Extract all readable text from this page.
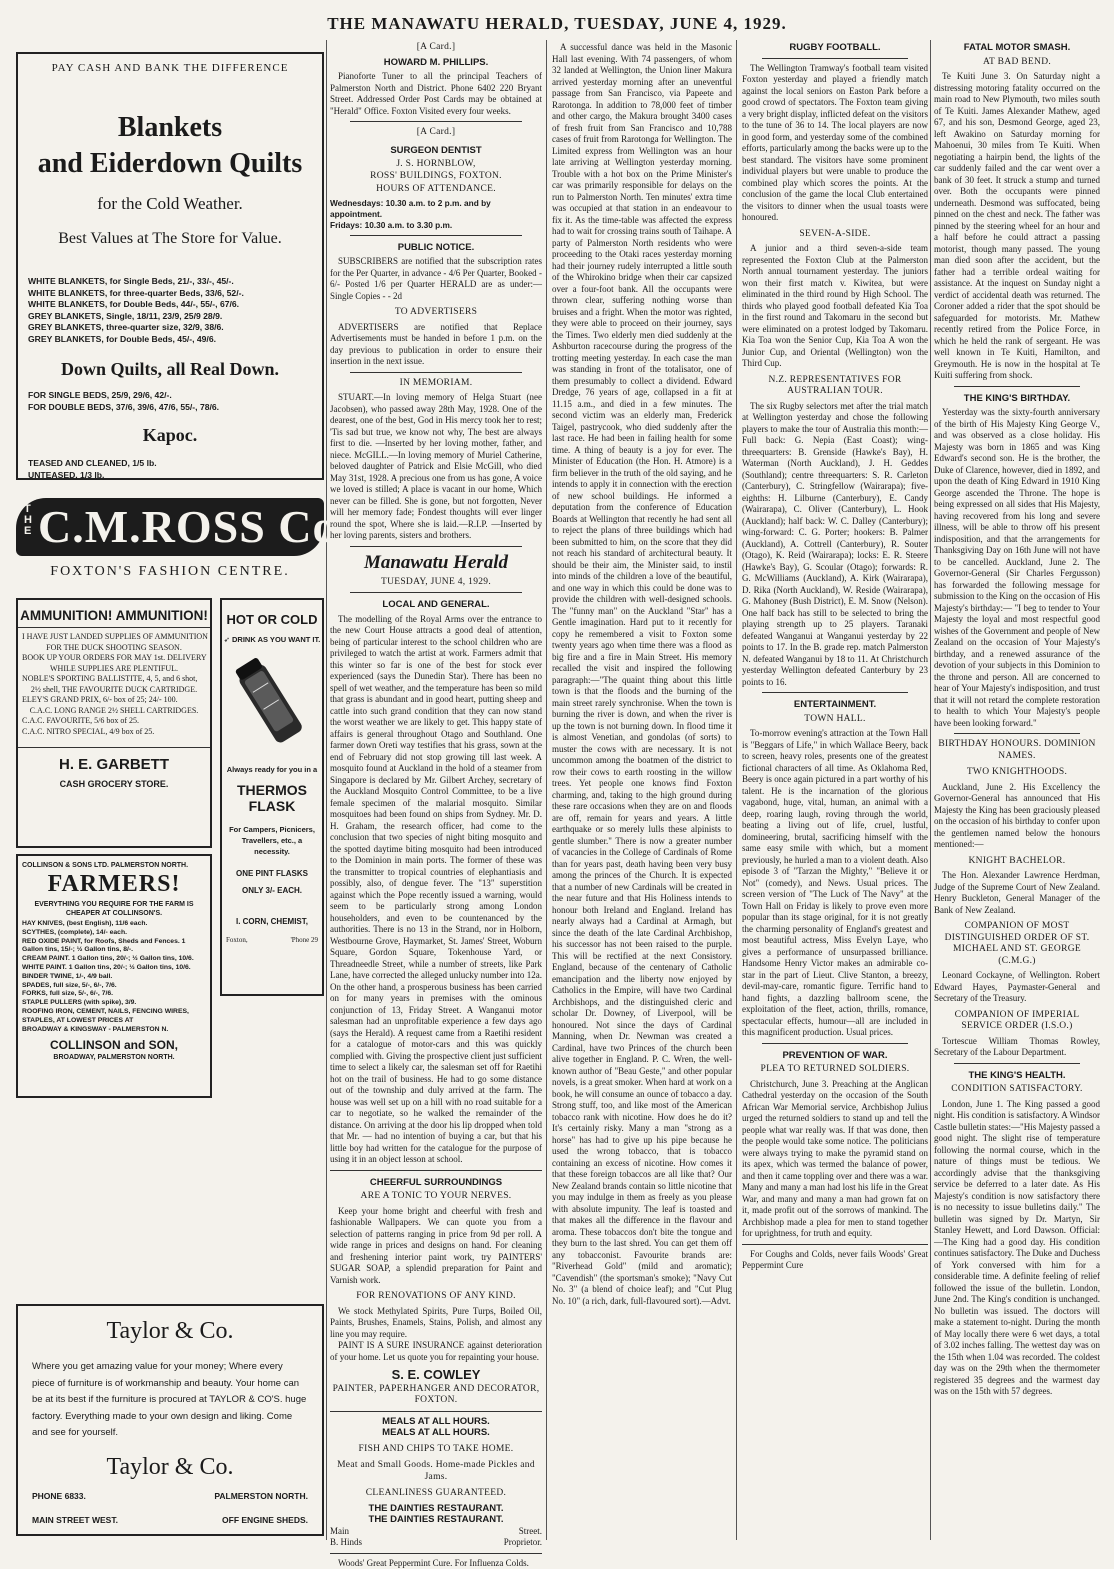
THE MANAWATU HERALD, TUESDAY, JUNE 4, 1929.
PAY CASH AND BANK THE DIFFERENCE
Blankets
and Eiderdown Quilts
for the Cold Weather.
Best Values at The Store for Value.
WHITE BLANKETS, for Single Beds, 21/-, 33/-, 45/-.
WHITE BLANKETS, for three-quarter Beds, 33/6, 52/-.
WHITE BLANKETS, for Double Beds, 44/-, 55/-, 67/6.
GREY BLANKETS, Single, 18/11, 23/9, 25/9 28/9.
GREY BLANKETS, three-quarter size, 32/9, 38/6.
GREY BLANKETS, for Double Beds, 45/-, 49/6.
Down Quilts, all Real Down.
FOR SINGLE BEDS, 25/9, 29/6, 42/-.
FOR DOUBLE BEDS, 37/6, 39/6, 47/6, 55/-, 78/6.
Kapoc.
TEASED AND CLEANED, 1/5 lb.
UNTEASED, 1/3 lb.
THE C.M.ROSS Co
FOXTON'S FASHION CENTRE.
AMMUNITION! AMMUNITION!
I HAVE JUST LANDED SUPPLIES OF AMMUNITION
FOR THE DUCK SHOOTING SEASON.
BOOK UP YOUR ORDERS FOR MAY 1st. DELIVERY
WHILE SUPPLIES ARE PLENTIFUL.
NOBLE'S SPORTING BALLISTITE, 4, 5, and 6 shot,
2½ shell, THE FAVOURITE DUCK CARTRIDGE.
ELEY'S GRAND PRIX, 6/- box of 25; 24/- 100.
C.A.C. LONG RANGE 2½ SHELL CARTRIDGES.
C.A.C. FAVOURITE, 5/6 box of 25.
C.A.C. NITRO SPECIAL, 4/9 box of 25.
H. E. GARBETT
CASH GROCERY STORE.
HOT OR COLD
➶ DRINK AS YOU WANT IT.
Always ready for you in a
THERMOS FLASK
For Campers, Picnicers, Travellers, etc., a necessity.
ONE PINT FLASKS
ONLY 3/- EACH.
I. CORN, CHEMIST,
Foxton,	'Phone 29
COLLINSON & SONS LTD. PALMERSTON NORTH.
FARMERS!
EVERYTHING YOU REQUIRE FOR THE FARM IS CHEAPER AT COLLINSON'S.
HAY KNIVES, (best English), 11/6 each.
SCYTHES, (complete), 14/- each.
RED OXIDE PAINT, for Roofs, Sheds and Fences. 1 Gallon tins, 15/-; ½ Gallon tins, 8/-.
CREAM PAINT. 1 Gallon tins, 20/-; ½ Gallon tins, 10/6.
WHITE PAINT. 1 Gallon tins, 20/-; ½ Gallon tins, 10/6.
BINDER TWINE, 1/-, 4/9 ball.
SPADES, full size, 5/-, 6/-, 7/6.
FORKS, full size, 5/-, 6/-, 7/6.
STAPLE PULLERS (with spike), 3/9.
ROOFING IRON, CEMENT, NAILS, FENCING WIRES, STAPLES, AT LOWEST PRICES AT
BROADWAY & KINGSWAY - PALMERSTON N.
COLLINSON and SON,
BROADWAY, PALMERSTON NORTH.
Taylor & Co.
Where you get amazing value for your money; Where every piece of furniture is of workmanship and beauty. Your home can be at its best if the furniture is procured at TAYLOR & CO'S. huge factory. Everything made to your own design and liking. Come and see for yourself.
Taylor & Co.
PHONE 6833.	PALMERSTON NORTH.
MAIN STREET WEST.	OFF ENGINE SHEDS.
[A Card.]
HOWARD M. PHILLIPS.

Pianoforte Tuner to all the principal Teachers of Palmerston North and District. Phone 6402 220 Bryant Street. Addressed Order Post Cards may be obtained at "Herald" Office. Foxton Visited every four weeks.

[A Card.]
SURGEON DENTIST
J. S. HORNBLOW,
ROSS' BUILDINGS, FOXTON.
HOURS OF ATTENDANCE.
Wednesdays: 10.30 a.m. to 2 p.m. and by appointment.
Fridays: 10.30 a.m. to 3.30 p.m.
PUBLIC NOTICE.

SUBSCRIBERS are notified that the subscription rates for the Per Quarter, in advance - 4/6 Per Quarter, Booked - 6/- Posted 1/6 per Quarter HERALD are as under:— Single Copies - - 2d

TO ADVERTISERS

ADVERTISERS are notified that Replace Advertisements must be handed in before 1 p.m. on the day previous to publication in order to ensure their insertion in the next issue.

IN MEMORIAM.

STUART.—In loving memory of Helga Stuart (nee Jacobsen), who passed away 28th May, 1928. One of the dearest, one of the best, God in His mercy took her to rest; 'Tis sad but true, we know not why, The best are always first to die. —Inserted by her loving mother, father, and niece. McGILL.—In loving memory of Muriel Catherine, beloved daughter of Patrick and Elsie McGill, who died May 31st, 1928. A precious one from us has gone, A voice we loved is stilled; A place is vacant in our home, Which never can be filled. She is gone, but not forgotten, Never will her memory fade; Fondest thoughts will ever linger round the spot, Where she is laid.—R.I.P. —Inserted by her loving parents, sisters and brothers.

Manawatu Herald
TUESDAY, JUNE 4, 1929.
LOCAL AND GENERAL.

The modelling of the Royal Arms over the entrance to the new Court House attracts a good deal of attention, being of particular interest to the school children who are privileged to watch the artist at work. Farmers admit that this winter so far is one of the best for stock ever experienced (says the Dunedin Star). There has been no spell of wet weather, and the temperature has been so mild that grass is abundant and in good heart, putting sheep and cattle into such grand condition that they can now stand the worst weather we are likely to get. This happy state of affairs is general throughout Otago and Southland. One farmer down Oreti way testifies that his grass, sown at the end of February did not stop growing till last week. A mosquito found at Auckland in the hold of a steamer from Singapore is declared by Mr. Gilbert Archey, secretary of the Auckland Mosquito Control Committee, to be a live female specimen of the malarial mosquito. Similar mosquitoes had been found on ships from Sydney. Mr. D. H. Graham, the research officer, had come to the conclusion that two species of night biting mosquito and the spotted daytime biting mosquito had been introduced to the Dominion in main ports. The former of these was the transmitter to tropical countries of elephantiasis and possibly, also, of dengue fever. The "13" superstition against which the Pope recently issued a warning, would seem to be particularly strong among London householders, and even to be countenanced by the authorities. There is no 13 in the Strand, nor in Holborn, Westbourne Grove, Haymarket, St. James' Street, Woburn Square, Gordon Square, Tokenhouse Yard, or Threadneedle Street, while a number of streets, like Park Lane, have corrected the alleged unlucky number into 12a. On the other hand, a prosperous business has been carried on for many years in premises with the ominous conjunction of 13, Friday Street. A Wanganui motor salesman had an unprofitable experience a few days ago (says the Herald). A request came from a Raetihi resident for a catalogue of motor-cars and this was quickly complied with. Giving the prospective client just sufficient time to select a likely car, the salesman set off for Raetihi hot on the trail of business. He had to go some distance out of the township and duly arrived at the farm. The house was well set up on a hill with no road suitable for a car to negotiate, so he walked the remainder of the distance. On arriving at the door his lip dropped when told that Mr. — had no intention of buying a car, but that his little boy had written for the catalogue for the purpose of using it in an object lesson at school.

CHEERFUL SURROUNDINGS
ARE A TONIC TO YOUR NERVES.

Keep your home bright and cheerful with fresh and fashionable Wallpapers. We can quote you from a selection of patterns ranging in price from 9d per roll. A wide range in prices and designs on hand. For cleaning and freshening interior paint work, try PAINTERS' SUGAR SOAP, a splendid preparation for Paint and Varnish work.

FOR RENOVATIONS OF ANY KIND.

We stock Methylated Spirits, Pure Turps, Boiled Oil, Paints, Brushes, Enamels, Stains, Polish, and almost any line you may require.

PAINT IS A SURE INSURANCE against deterioration of your home. Let us quote you for repainting your house.

S. E. COWLEY
PAINTER, PAPERHANGER AND DECORATOR, FOXTON.
MEALS AT ALL HOURS.
MEALS AT ALL HOURS.
FISH AND CHIPS TO TAKE HOME.
Meat and Small Goods. Home-made Pickles and Jams.
CLEANLINESS GUARANTEED.
THE DAINTIES RESTAURANT.
THE DAINTIES RESTAURANT.
Main	Street.
B. Hinds	Proprietor.

Woods' Great Peppermint Cure. For Influenza Colds.

A successful dance was held in the Masonic Hall last evening. With 74 passengers, of whom 32 landed at Wellington, the Union liner Makura arrived yesterday morning after an uneventful passage from San Francisco, via Papeete and Rarotonga. In addition to 78,000 feet of timber and other cargo, the Makura brought 3400 cases of fresh fruit from San Francisco and 10,788 cases of fruit from Rarotonga for Wellington. The Limited express from Wellington was an hour late arriving at Wellington yesterday morning. Trouble with a hot box on the Prime Minister's car was primarily responsible for delays on the run to Palmerston North. Ten minutes' extra time was occupied at that station in an endeavour to fix it. As the time-table was affected the express had to wait for crossing trains south of Taihape. A party of Palmerston North residents who were proceeding to the Otaki races yesterday morning had their journey rudely interrupted a little south of the Whirokino bridge when their car capsized over a four-foot bank. All the occupants were thrown clear, suffering nothing worse than bruises and a fright. When the motor was righted, they were able to proceed on their journey, says the Times. Two elderly men died suddenly at the Ashburton racecourse during the progress of the trotting meeting yesterday. In each case the man was standing in front of the totalisator, one of them presumably to collect a dividend. Edward Dredge, 76 years of age, collapsed in a fit at 11.15 a.m., and died in a few minutes. The second victim was an elderly man, Frederick Taigel, pastrycook, who died suddenly after the last race. He had been in failing health for some time. A thing of beauty is a joy for ever. The Minister of Education (the Hon. H. Atmore) is a firm believer in the truth of the old saying, and he intends to apply it in connection with the erection of new school buildings. He informed a deputation from the conference of Education Boards at Wellington that recently he had sent all to reject the plans of three buildings which had been submitted to him, on the score that they did not reach his standard of architectural beauty. It should be their aim, the Minister said, to instil into minds of the children a love of the beautiful, and one way in which this could be done was to provide the children with well-designed schools. The "funny man" on the Auckland "Star" has a Gentle imagination. Hard put to it recently for copy he remembered a visit to Foxton some twenty years ago when time there was a flood as big fire and a fire in Main Street. His memory recalled the visit and inspired the following paragraph:—"The quaint thing about this little town is that the floods and the burning of the main street rarely synchronise. When the town is burning the river is down, and when the river is up the town is not burning down. In flood time it is almost Venetian, and gondolas (of sorts) to muster the cows with are necessary. It is not uncommon among the boatmen of the district to row their cows to earth roosting in the willow trees. Yet people one knows find Foxton charming, and, taking to the high ground during these rare occasions when they are on and floods are off, remain for years and years. A little earthquake or so merely lulls these alpinists to gentle slumber." There is now a greater number of vacancies in the College of Cardinals of Rome than for years past, death having been very busy among the princes of the Church. It is expected that a number of new Cardinals will be created in the near future and that His Holiness intends to honour both Ireland and England. Ireland has nearly always had a Cardinal at Armagh, but since the death of the late Cardinal Archbishop, his successor has not been raised to the purple. This will be rectified at the next Consistory. England, because of the centenary of Catholic emancipation and the liberty now enjoyed by Catholics in the Empire, will have two Cardinal Archbishops, and the distinguished cleric and scholar Dr. Downey, of Liverpool, will be honoured. Not since the days of Cardinal Manning, when Dr. Newman was created a Cardinal, have two Princes of the church been alive together in England. P. C. Wren, the well-known author of "Beau Geste," and other popular novels, is a great smoker. When hard at work on a book, he will consume an ounce of tobacco a day. Strong stuff, too, and like most of the American tobacco rank with nicotine. How does he do it? It's certainly risky. Many a man "strong as a horse" has had to give up his pipe because he used the wrong tobacco, that is tobacco containing an excess of nicotine. How comes it that these foreign tobaccos are all like that? Our New Zealand brands contain so little nicotine that you may indulge in them as freely as you please with absolute impunity. The leaf is toasted and that makes all the difference in the flavour and aroma. These tobaccos don't bite the tongue and they burn to the last shred. You can get them off any tobacconist. Favourite brands are: "Riverhead Gold" (mild and aromatic); "Cavendish" (the sportsman's smoke); "Navy Cut No. 3" (a blend of choice leaf); and "Cut Plug No. 10" (a rich, dark, full-flavoured sort).—Advt.

FATAL MOTOR SMASH.
AT BAD BEND.

Te Kuiti June 3. On Saturday night a distressing motoring fatality occurred on the main road to New Plymouth, two miles south of Te Kuiti. James Alexander Mathew, aged 67, and his son, Desmond George, aged 23, left Awakino on Saturday morning for Mahoenui, 30 miles from Te Kuiti. When negotiating a hairpin bend, the lights of the car suddenly failed and the car went over a bank of 30 feet. It struck a stump and turned over. Both the occupants were pinned underneath. Desmond was suffocated, being pinned on the chest and neck. The father was pinned by the steering wheel for an hour and a half before he could attract a passing motorist, though many passed. The young man died soon after the accident, but the father had a terrible ordeal waiting for assistance. At the inquest on Sunday night a verdict of accidental death was returned. The Coroner added a rider that the spot should be safeguarded for motorists. Mr. Mathew recently retired from the Police Force, in which he held the rank of sergeant. He was well known in Te Kuiti, Hamilton, and Greymouth. He is now in the hospital at Te Kuiti suffering from shock.

THE KING'S BIRTHDAY.

Yesterday was the sixty-fourth anniversary of the birth of His Majesty King George V., and was observed as a close holiday. His Majesty was born in 1865 and was King Edward's second son. He is the brother, the Duke of Clarence, however, died in 1892, and upon the death of King Edward in 1910 King George ascended the Throne. The hope is being expressed on all sides that His Majesty, having recovered from his long and severe illness, will be able to throw off his present indisposition, and that the arrangements for Thanksgiving Day on 16th June will not have to be cancelled. Auckland, June 2. The Governor-General (Sir Charles Fergusson) has forwarded the following message for submission to the King on the occasion of His Majesty's birthday:— "I beg to tender to Your Majesty the loyal and most respectful good wishes of the Government and people of New Zealand on the occasion of Your Majesty's birthday, and a renewed assurance of the devotion of your subjects in this Dominion to the throne and person. All are concerned to hear of Your Majesty's indisposition, and trust that it will not retard the complete restoration to health to which Your Majesty's people have been looking forward."

BIRTHDAY HONOURS. DOMINION NAMES.
TWO KNIGHTHOODS.

Auckland, June 2. His Excellency the Governor-General has announced that His Majesty the King has been graciously pleased on the occasion of his birthday to confer upon the gentlemen named below the honours mentioned:—

KNIGHT BACHELOR.

The Hon. Alexander Lawrence Herdman, Judge of the Supreme Court of New Zealand. Henry Buckleton, General Manager of the Bank of New Zealand.

COMPANION OF MOST DISTINGUISHED ORDER OF ST. MICHAEL AND ST. GEORGE (C.M.G.)

Leonard Cockayne, of Wellington. Robert Edward Hayes, Paymaster-General and Secretary of the Treasury.

COMPANION OF IMPERIAL SERVICE ORDER (I.S.O.)

Tortescue William Thomas Rowley, Secretary of the Labour Department.

THE KING'S HEALTH.
CONDITION SATISFACTORY.

London, June 1. The King passed a good night. His condition is satisfactory. A Windsor Castle bulletin states:—"His Majesty passed a good night. The slight rise of temperature following the normal course, which in the nature of things must be tedious. We accordingly advise that the thanksgiving service be deferred to a later date. As His Majesty's condition is now satisfactory there is no necessity to issue bulletins daily." The bulletin was signed by Dr. Martyn, Sir Stanley Hewett, and Lord Dawson. Official:—The King had a good day. His condition continues satisfactory. The Duke and Duchess of York conversed with him for a considerable time. A definite feeling of relief followed the issue of the bulletin. London, June 2nd. The King's condition is unchanged. No bulletin was issued. The doctors will make a statement to-night. During the month of May locally there were 6 wet days, a total of 3.02 inches falling. The wettest day was on the 15th when 1.04 was recorded. The coldest day was on the 29th when the thermometer registered 35 degrees and the warmest day was on the 15th with 57 degrees.

RUGBY FOOTBALL.

The Wellington Tramway's football team visited Foxton yesterday and played a friendly match against the local seniors on Easton Park before a good crowd of spectators. The Foxton team giving a very bright display, inflicted defeat on the visitors to the tune of 36 to 14. The local players are now in good form, and yesterday some of the combined efforts, particularly among the backs were up to the best standard. The visitors have some prominent individual players but were unable to produce the combined play which scores the points. At the conclusion of the game the local Club entertained the visitors to dinner when the usual toasts were honoured.

SEVEN-A-SIDE.

A junior and a third seven-a-side team represented the Foxton Club at the Palmerston North annual tournament yesterday. The juniors won their first match v. Kiwitea, but were eliminated in the third round by High School. The thirds who played good football defeated Kia Toa in the first round and Takomaru in the second but were eliminated on a protest lodged by Takomaru. Kia Toa won the Senior Cup, Kia Toa A won the Junior Cup, and Oriental (Wellington) won the Third Cup.

N.Z. REPRESENTATIVES FOR AUSTRALIAN TOUR.

The six Rugby selectors met after the trial match at Wellington yesterday and chose the following players to make the tour of Australia this month:— Full back: G. Nepia (East Coast); wing-threequarters: B. Grenside (Hawke's Bay), H. Waterman (North Auckland), J. H. Geddes (Southland); centre threequarters: S. R. Carleton (Canterbury), C. Stringfellow (Wairarapa); five-eighths: H. Lilburne (Canterbury), E. Candy (Wairarapa), C. Oliver (Canterbury), L. Hook (Auckland); half back: W. C. Dalley (Canterbury); wing-forward: C. G. Porter; hookers: B. Palmer (Auckland), A. Cottrell (Canterbury), R. Souter (Otago), K. Reid (Wairarapa); locks: E. R. Steere (Hawke's Bay), G. Scoular (Otago); forwards: R. G. McWilliams (Auckland), A. Kirk (Wairarapa), D. Rika (North Auckland), W. Reside (Wairarapa), G. Mahoney (Bush District), E. M. Snow (Nelson). One half back has still to be selected to bring the playing strength up to 25 players. Taranaki defeated Wanganui at Wanganui yesterday by 22 points to 17. In the B. grade rep. match Palmerston N. defeated Wanganui by 18 to 11. At Christchurch yesterday Wellington defeated Canterbury by 23 points to 16.

ENTERTAINMENT.
TOWN HALL.

To-morrow evening's attraction at the Town Hall is "Beggars of Life," in which Wallace Beery, back to screen, heavy roles, presents one of the greatest fictional characters of all time. As Oklahoma Red, Beery is once again pictured in a part worthy of his talent. He is the incarnation of the glorious vagabond, huge, vital, human, an animal with a deep, roaring laugh, roving through the world, beating a living out of life, cruel, lustful, domineering, brutal, sacrificing himself with the same easy smile with which, but a moment previously, he hurled a man to a violent death. Also episode 3 of "Tarzan the Mighty," "Believe it or Not" (comedy), and News. Usual prices. The screen version of "The Luck of The Navy" at the Town Hall on Friday is likely to prove even more popular than its stage original, for it is not greatly the charming personality of England's greatest and most beautiful actress, Miss Evelyn Laye, who gives a performance of unsurpassed brilliance. Handsome Henry Victor makes an admirable co-star in the part of Lieut. Clive Stanton, a breezy, devil-may-care, romantic figure. Terrific hand to hand fights, a dazzling ballroom scene, the exploitation of the fleet, action, thrills, romance, spectacular effects, humour—all are included in this magnificent production. Usual prices.

PREVENTION OF WAR.
PLEA TO RETURNED SOLDIERS.

Christchurch, June 3. Preaching at the Anglican Cathedral yesterday on the occasion of the South African War Memorial service, Archbishop Julius urged the returned soldiers to stand up and tell the people what war really was. If that was done, then the people would take some notice. The politicians were always trying to make the pyramid stand on its apex, which was termed the balance of power, and then it came toppling over and there was a war. Many and many a man had lost his life in the Great War, and many and many a man had grown fat on it, made profit out of the sorrows of mankind. The Archbishop made a plea for men to stand together for uprightness, for truth and equity.

For Coughs and Colds, never fails Woods' Great Peppermint Cure
